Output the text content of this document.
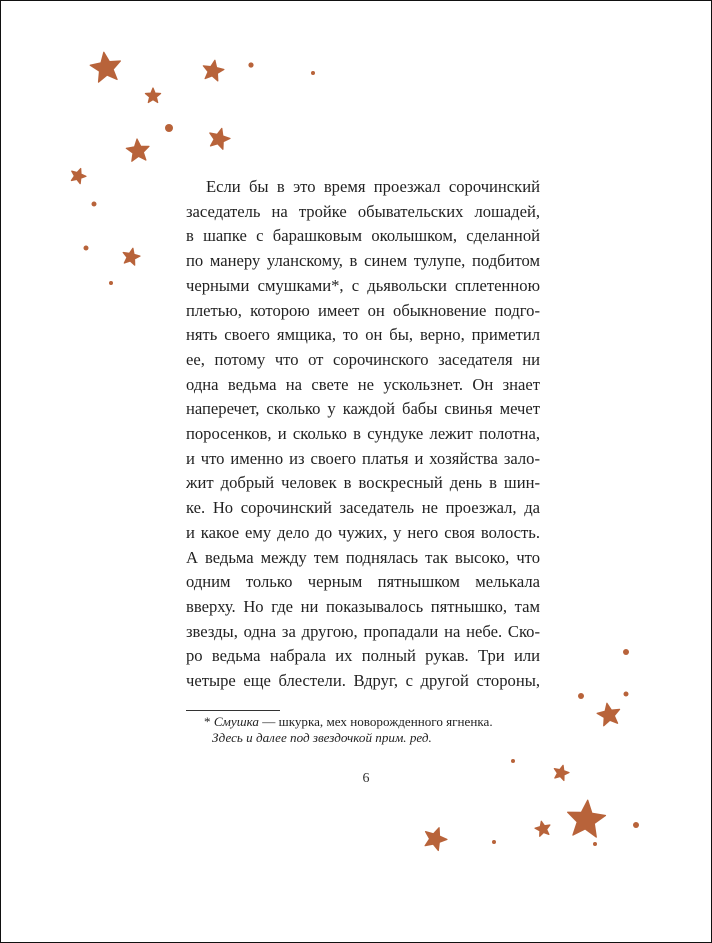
Если бы в это время проезжал сорочинский
заседатель на тройке обывательских лошадей,
в шапке с барашковым околышком, сделанной
по манеру уланскому, в синем тулупе, подбитом
черными смушками*, с дьявольски сплетенною
плетью, которою имеет он обыкновение подго-
нять своего ямщика, то он бы, верно, приметил
ее, потому что от сорочинского заседателя ни
одна ведьма на свете не ускользнет. Он знает
наперечет, сколько у каждой бабы свинья мечет
поросенков, и сколько в сундуке лежит полотна,
и что именно из своего платья и хозяйства зало-
жит добрый человек в воскресный день в шин-
ке. Но сорочинский заседатель не проезжал, да
и какое ему дело до чужих, у него своя волость.
А ведьма между тем поднялась так высоко, что
одним только черным пятнышком мелькала
вверху. Но где ни показывалось пятнышко, там
звезды, одна за другою, пропадали на небе. Ско-
ро ведьма набрала их полный рукав. Три или
четыре еще блестели. Вдруг, с другой стороны,
* Смушка — шкурка, мех новорожденного ягненка.
Здесь и далее под звездочкой прим. ред.
6
